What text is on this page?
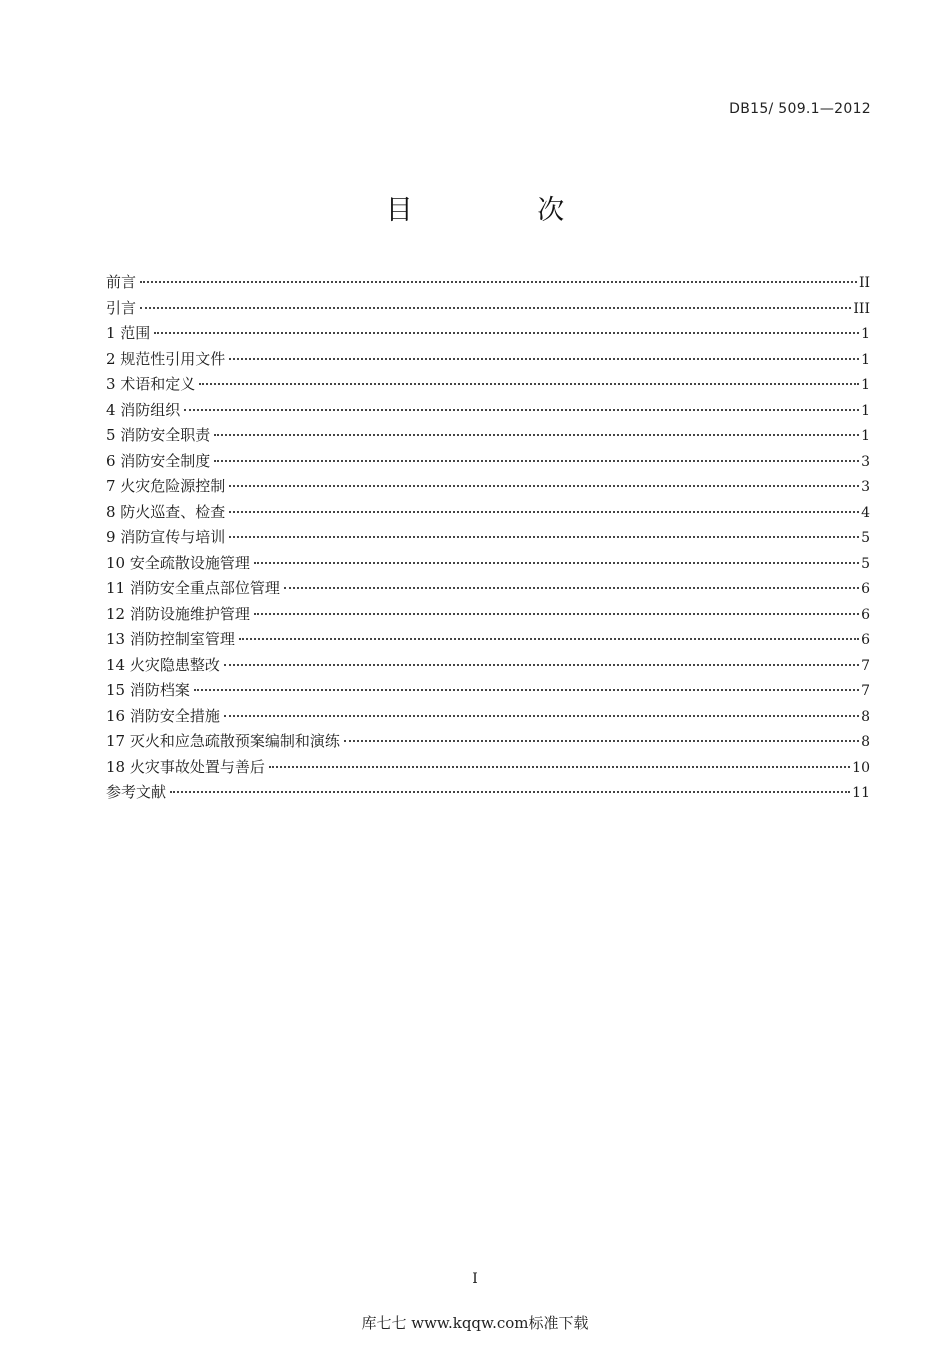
DB15/ 509.1—2012
目 次
前言	II
引言	III
1 范围	1
2 规范性引用文件	1
3 术语和定义	1
4 消防组织	1
5 消防安全职责	1
6 消防安全制度	3
7 火灾危险源控制	3
8 防火巡查、检查	4
9 消防宣传与培训	5
10 安全疏散设施管理	5
11 消防安全重点部位管理	6
12 消防设施维护管理	6
13 消防控制室管理	6
14 火灾隐患整改	7
15 消防档案	7
16 消防安全措施	8
17 灭火和应急疏散预案编制和演练	8
18 火灾事故处置与善后	10
参考文献	11
I
库七七 www.kqqw.com标准下载
